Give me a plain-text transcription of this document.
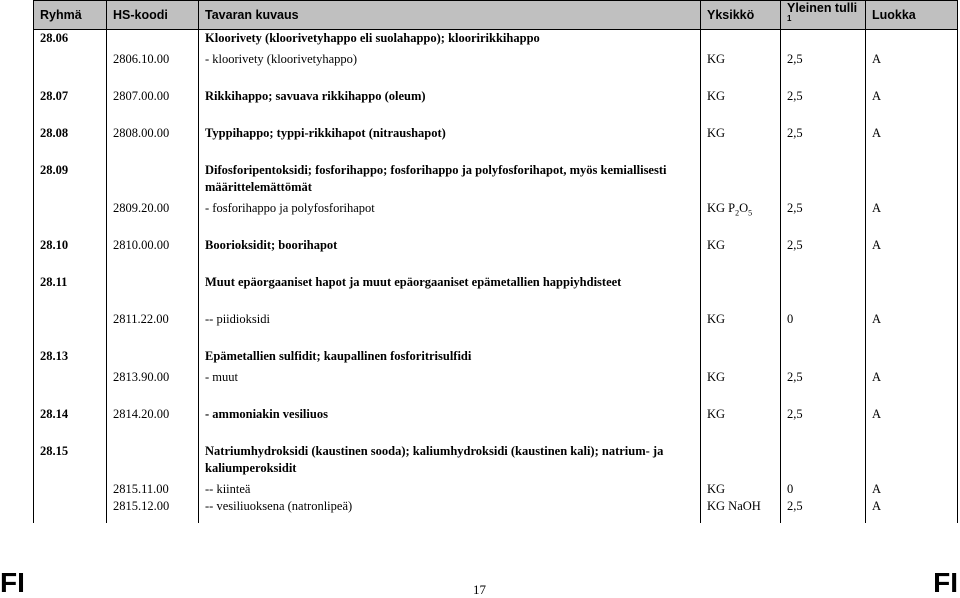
Ryhmä	HS-koodi	Tavaran kuvaus	Yksikkö	Yleinen tulli $^1$	Luokka
28.06		Kloorivety (kloorivetyhappo eli suolahappo); klooririkkihappo			

	2806.10.00	- kloorivety (kloorivetyhappo)	KG	2,5	A

28.07	2807.00.00	Rikkihappo; savuava rikkihappo (oleum)	KG	2,5	A

28.08	2808.00.00	Typpihappo; typpi-rikkihapot (nitraushapot)	KG	2,5	A

28.09		Difosforipentoksidi; fosforihappo; fosforihappo ja polyfosforihapot, myös kemiallisesti määrittelemättömät			

	2809.20.00	- fosforihappo ja polyfosforihapot	KG $P_2O_5$	2,5	A

28.10	2810.00.00	Boorioksidit; boorihapot	KG	2,5	A

28.11		Muut epäorgaaniset hapot ja muut epäorgaaniset epämetallien happiyhdisteet			

	2811.22.00	-- piidioksidi	KG	0	A

28.13		Epämetallien sulfidit; kaupallinen fosforitrisulfidi			

	2813.90.00	- muut	KG	2,5	A

28.14	2814.20.00	- ammoniakin vesiliuos	KG	2,5	A

28.15		Natriumhydroksidi (kaustinen sooda); kaliumhydroksidi (kaustinen kali); natrium- ja kaliumperoksidit			

	2815.11.00	-- kiinteä	KG	0	A
	2815.12.00	-- vesiliuoksena (natronlipeä)	KG NaOH	2,5	A

FI	17	FI
